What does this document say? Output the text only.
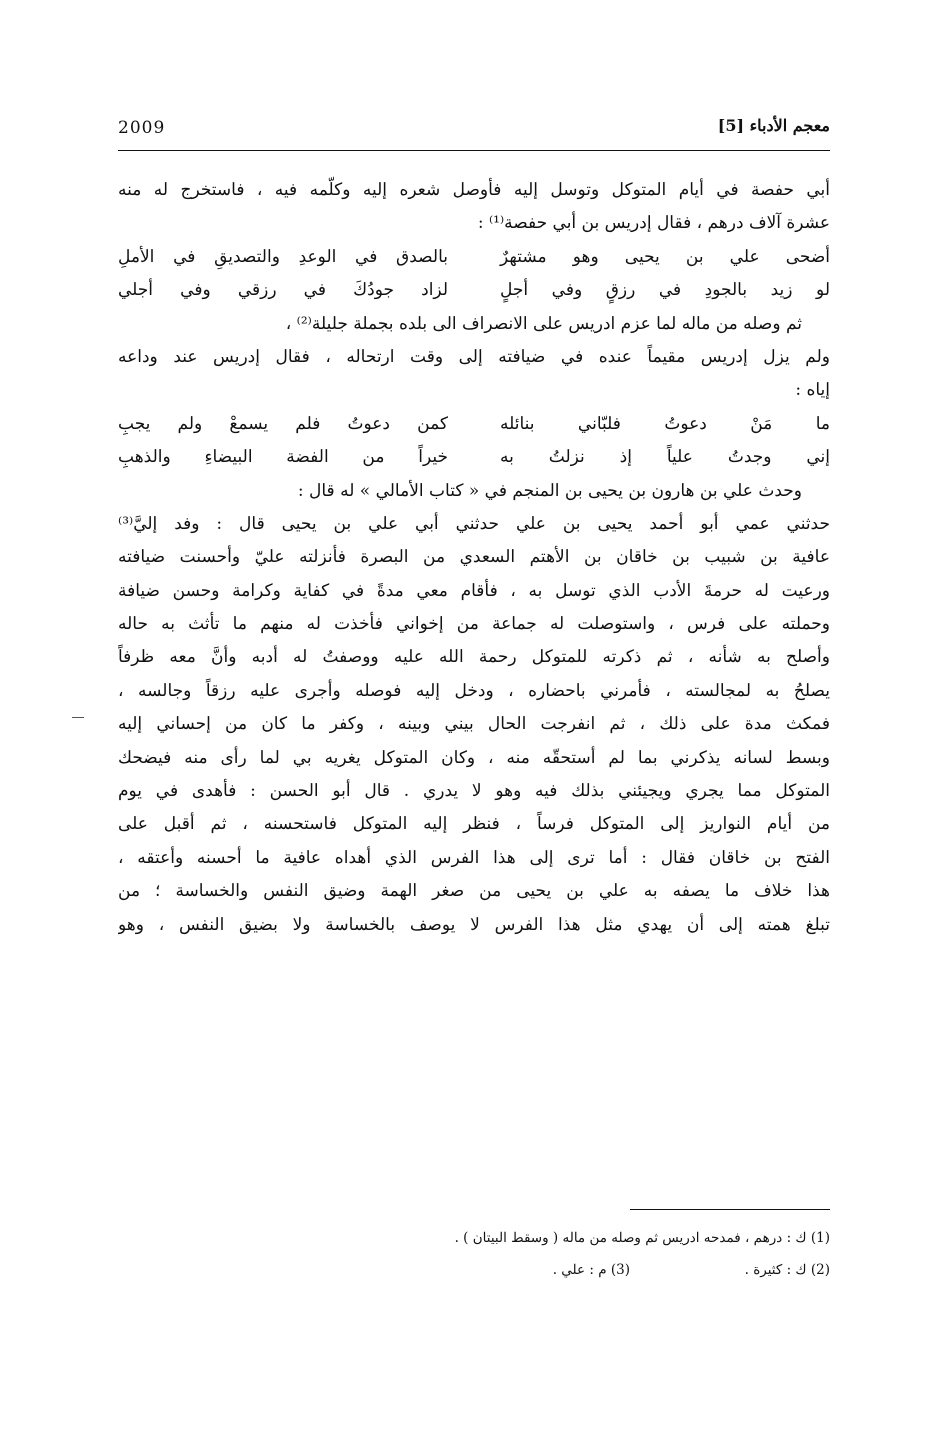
2009	معجم الأدباء [5]
أبي حفصة في أيام المتوكل وتوسل إليه فأوصل شعره إليه وكلّمه فيه ، فاستخرج له منه
عشرة آلاف درهم ، فقال إدريس بن أبي حفصة⁽¹⁾ :
أضحى علي بن يحيى وهو مشتهرٌ
بالصدق في الوعدِ والتصديقِ في الأملِ
لو زيد بالجودِ في رزقٍ وفي أجلٍ
لزاد جودُكَ في رزقي وفي أجلي
ثم وصله من ماله لما عزم ادريس على الانصراف الى بلده بجملة جليلة⁽²⁾ ،
ولم يزل إدريس مقيماً عنده في ضيافته إلى وقت ارتحاله ، فقال إدريس عند وداعه
إياه :
ما مَنْ دعوتُ فلبّاني بنائله
كمن دعوتُ فلم يسمعْ ولم يجبِ
إني وجدتُ علياً إذ نزلتُ به
خيراً من الفضة البيضاءِ والذهبِ
وحدث علي بن هارون بن يحيى بن المنجم في « كتاب الأمالي » له قال :
حدثني عمي أبو أحمد يحيى بن علي حدثني أبي علي بن يحيى قال : وفد إليَّ⁽³⁾
عافية بن شبيب بن خاقان بن الأهتم السعدي من البصرة فأنزلته عليّ وأحسنت ضيافته
ورعيت له حرمةَ الأدب الذي توسل به ، فأقام معي مدةً في كفاية وكرامة وحسن ضيافة
وحملته على فرس ، واستوصلت له جماعة من إخواني فأخذت له منهم ما تأثث به حاله
وأصلح به شأنه ، ثم ذكرته للمتوكل رحمة الله عليه ووصفتُ له أدبه وأنَّ معه ظرفاً
يصلحُ به لمجالسته ، فأمرني باحضاره ، ودخل إليه فوصله وأجرى عليه رزقاً وجالسه ،
فمكث مدة على ذلك ، ثم انفرجت الحال بيني وبينه ، وكفر ما كان من إحساني إليه
وبسط لسانه يذكرني بما لم أستحقّه منه ، وكان المتوكل يغريه بي لما رأى منه فيضحك
المتوكل مما يجري ويجيئني بذلك فيه وهو لا يدري . قال أبو الحسن : فأهدى في يوم
من أيام النواريز إلى المتوكل فرساً ، فنظر إليه المتوكل فاستحسنه ، ثم أقبل على
الفتح بن خاقان فقال : أما ترى إلى هذا الفرس الذي أهداه عافية ما أحسنه وأعتقه ،
هذا خلاف ما يصفه به علي بن يحيى من صغر الهمة وضيق النفس والخساسة ؛ من
تبلغ همته إلى أن يهدي مثل هذا الفرس لا يوصف بالخساسة ولا بضيق النفس ، وهو
(1) ك : درهم ، فمدحه ادريس ثم وصله من ماله ( وسقط البيتان ) .
(2) ك : كثيرة .
(3) م : علي .
